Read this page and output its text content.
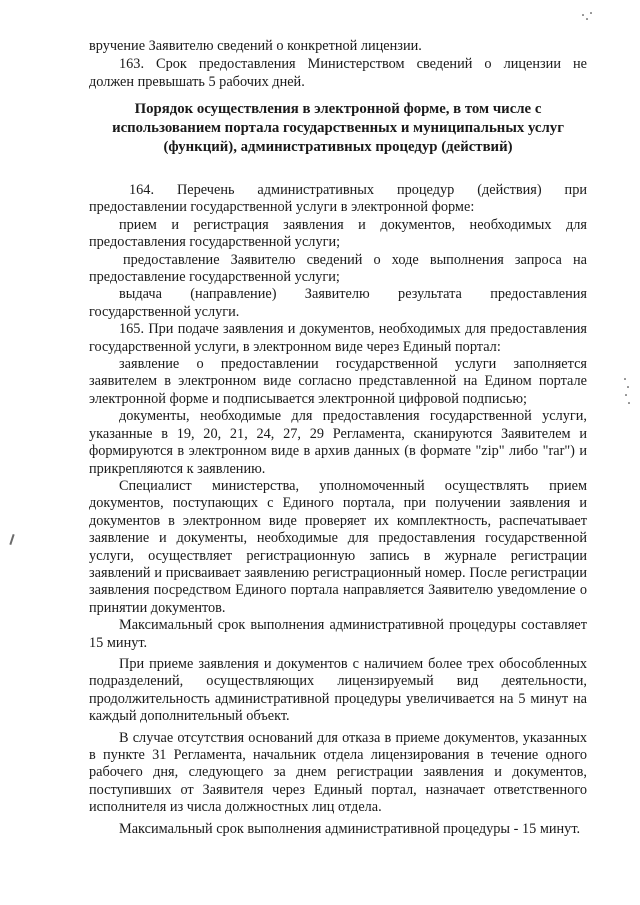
вручение Заявителю сведений о конкретной лицензии.
163. Срок предоставления Министерством сведений о лицензии не
должен превышать 5 рабочих дней.
Порядок осуществления в электронной форме, в том числе с
использованием портала государственных и муниципальных услуг
(функций), административных процедур (действий)

164. Перечень административных процедур (действия) при предоставлении государственной услуги в электронной форме:

прием и регистрация заявления и документов, необходимых для предоставления государственной услуги;

предоставление Заявителю сведений о ходе выполнения запроса на предоставление государственной услуги;

выдача (направление) Заявителю результата предоставления государственной услуги.

165. При подаче заявления и документов, необходимых для предоставления государственной услуги, в электронном виде через Единый портал:

заявление о предоставлении государственной услуги заполняется заявителем в электронном виде согласно представленной на Едином портале электронной форме и подписывается электронной цифровой подписью;

документы, необходимые для предоставления государственной услуги, указанные в 19, 20, 21, 24, 27, 29 Регламента, сканируются Заявителем и формируются в электронном виде в архив данных (в формате "zip" либо "rar") и прикрепляются к заявлению.

Специалист министерства, уполномоченный осуществлять прием документов, поступающих с Единого портала, при получении заявления и документов в электронном виде проверяет их комплектность, распечатывает заявление и документы, необходимые для предоставления государственной услуги, осуществляет регистрационную запись в журнале регистрации заявлений и присваивает заявлению регистрационный номер. После регистрации заявления посредством Единого портала направляется Заявителю уведомление о принятии документов.

Максимальный срок выполнения административной процедуры составляет 15 минут.

При приеме заявления и документов с наличием более трех обособленных подразделений, осуществляющих лицензируемый вид деятельности, продолжительность административной процедуры увеличивается на 5 минут на каждый дополнительный объект.

В случае отсутствия оснований для отказа в приеме документов, указанных в пункте 31 Регламента, начальник отдела лицензирования в течение одного рабочего дня, следующего за днем регистрации заявления и документов, поступивших от Заявителя через Единый портал, назначает ответственного исполнителя из числа должностных лиц отдела.

Максимальный срок выполнения административной процедуры - 15 минут.
